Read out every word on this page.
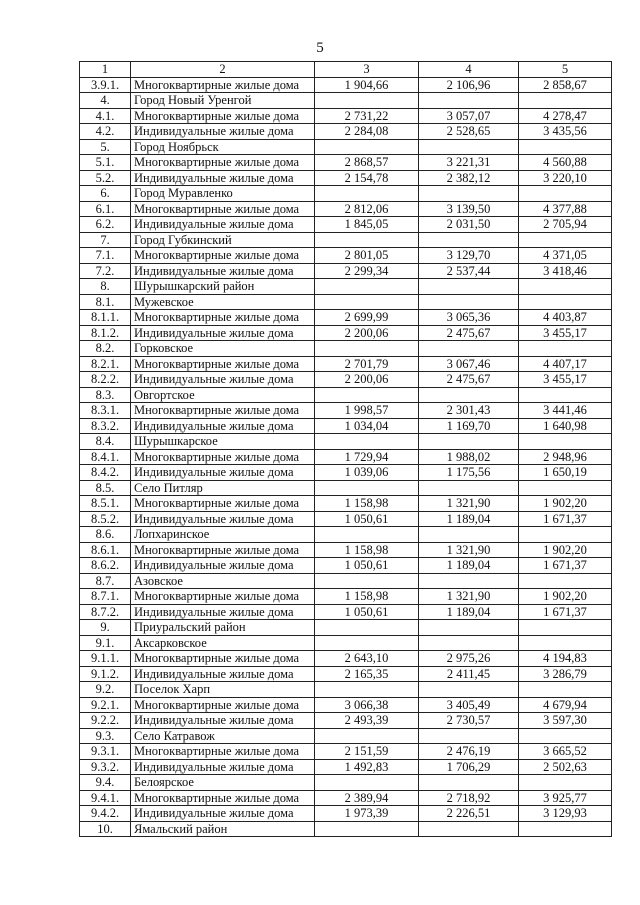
5
1	2	3	4	5
3.9.1.	Многоквартирные жилые дома	1 904,66	2 106,96	2 858,67
4.	Город Новый Уренгой			
4.1.	Многоквартирные жилые дома	2 731,22	3 057,07	4 278,47
4.2.	Индивидуальные жилые дома	2 284,08	2 528,65	3 435,56
5.	Город Ноябрьск			
5.1.	Многоквартирные жилые дома	2 868,57	3 221,31	4 560,88
5.2.	Индивидуальные жилые дома	2 154,78	2 382,12	3 220,10
6.	Город Муравленко			
6.1.	Многоквартирные жилые дома	2 812,06	3 139,50	4 377,88
6.2.	Индивидуальные жилые дома	1 845,05	2 031,50	2 705,94
7.	Город Губкинский			
7.1.	Многоквартирные жилые дома	2 801,05	3 129,70	4 371,05
7.2.	Индивидуальные жилые дома	2 299,34	2 537,44	3 418,46
8.	Шурышкарский район			
8.1.	Мужевское			
8.1.1.	Многоквартирные жилые дома	2 699,99	3 065,36	4 403,87
8.1.2.	Индивидуальные жилые дома	2 200,06	2 475,67	3 455,17
8.2.	Горковское			
8.2.1.	Многоквартирные жилые дома	2 701,79	3 067,46	4 407,17
8.2.2.	Индивидуальные жилые дома	2 200,06	2 475,67	3 455,17
8.3.	Овгортское			
8.3.1.	Многоквартирные жилые дома	1 998,57	2 301,43	3 441,46
8.3.2.	Индивидуальные жилые дома	1 034,04	1 169,70	1 640,98
8.4.	Шурышкарское			
8.4.1.	Многоквартирные жилые дома	1 729,94	1 988,02	2 948,96
8.4.2.	Индивидуальные жилые дома	1 039,06	1 175,56	1 650,19
8.5.	Село Питляр			
8.5.1.	Многоквартирные жилые дома	1 158,98	1 321,90	1 902,20
8.5.2.	Индивидуальные жилые дома	1 050,61	1 189,04	1 671,37
8.6.	Лопхаринское			
8.6.1.	Многоквартирные жилые дома	1 158,98	1 321,90	1 902,20
8.6.2.	Индивидуальные жилые дома	1 050,61	1 189,04	1 671,37
8.7.	Азовское			
8.7.1.	Многоквартирные жилые дома	1 158,98	1 321,90	1 902,20
8.7.2.	Индивидуальные жилые дома	1 050,61	1 189,04	1 671,37
9.	Приуральский район			
9.1.	Аксарковское			
9.1.1.	Многоквартирные жилые дома	2 643,10	2 975,26	4 194,83
9.1.2.	Индивидуальные жилые дома	2 165,35	2 411,45	3 286,79
9.2.	Поселок Харп			
9.2.1.	Многоквартирные жилые дома	3 066,38	3 405,49	4 679,94
9.2.2.	Индивидуальные жилые дома	2 493,39	2 730,57	3 597,30
9.3.	Село Катравож			
9.3.1.	Многоквартирные жилые дома	2 151,59	2 476,19	3 665,52
9.3.2.	Индивидуальные жилые дома	1 492,83	1 706,29	2 502,63
9.4.	Белоярское			
9.4.1.	Многоквартирные жилые дома	2 389,94	2 718,92	3 925,77
9.4.2.	Индивидуальные жилые дома	1 973,39	2 226,51	3 129,93
10.	Ямальский район			
